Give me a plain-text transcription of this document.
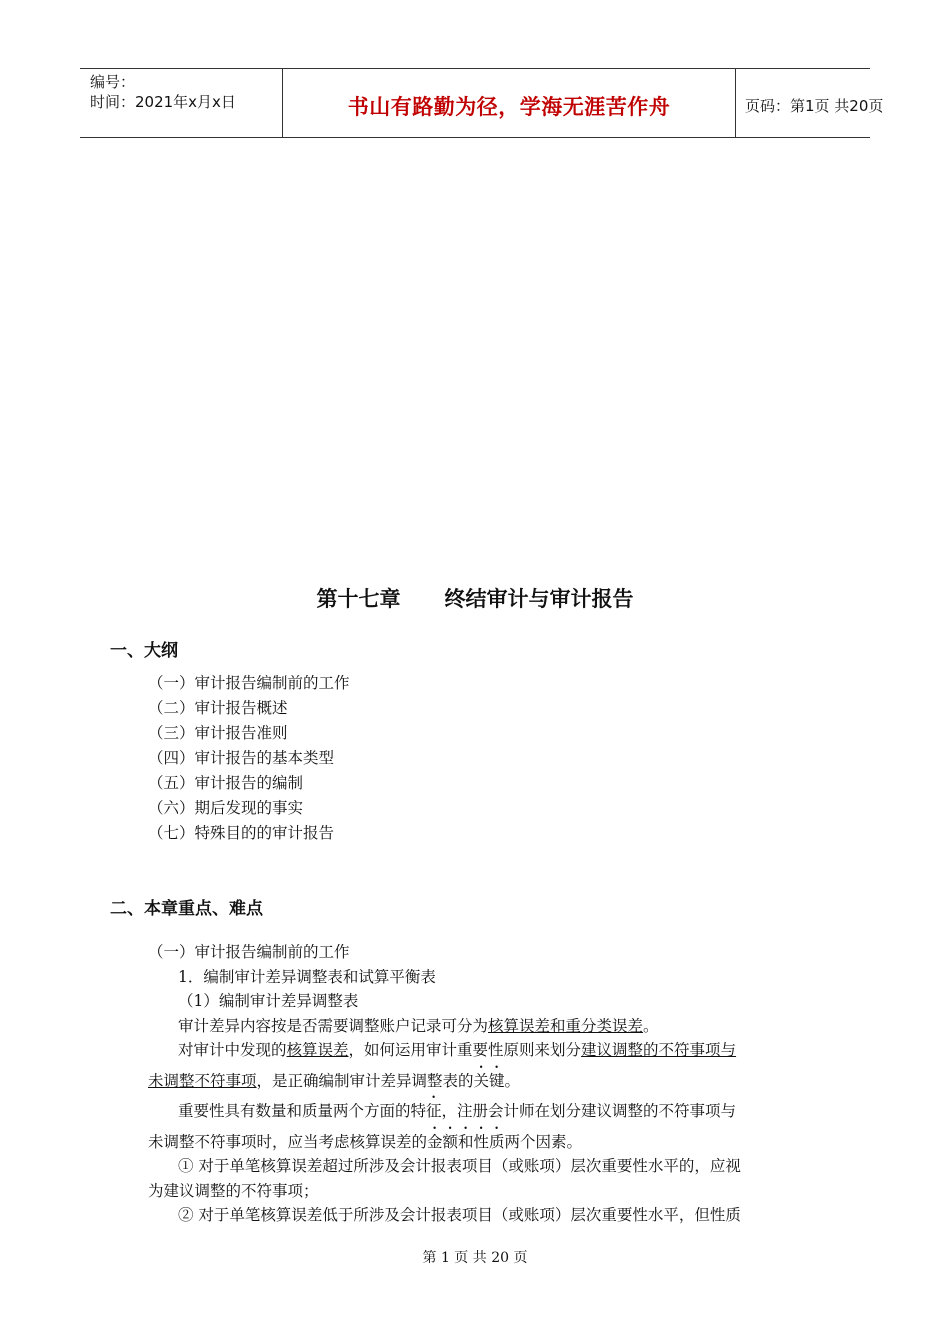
编号：
时间：2021年x月x日	书山有路勤为径，学海无涯苦作舟	页码：第1页 共20页
第十七章 终结审计与审计报告
一、大纲
（一）审计报告编制前的工作
（二）审计报告概述
（三）审计报告准则
（四）审计报告的基本类型
（五）审计报告的编制
（六）期后发现的事实
（七）特殊目的的审计报告
二、本章重点、难点
（一）审计报告编制前的工作
1．编制审计差异调整表和试算平衡表
（1）编制审计差异调整表
审计差异内容按是否需要调整账户记录可分为核算误差和重分类误差。
对审计中发现的核算误差，如何运用审计重要性原则来划分建议调整的不符事项与
未调整不符事项，是正确编制审计差异调整表的关键。
重要性具有数量和质量两个方面的特征，注册会计师在划分建议调整的不符事项与
未调整不符事项时，应当考虑核算误差的金额和性质两个因素。
① 对于单笔核算误差超过所涉及会计报表项目（或账项）层次重要性水平的，应视
为建议调整的不符事项；
② 对于单笔核算误差低于所涉及会计报表项目（或账项）层次重要性水平，但性质
第 1 页 共 20 页
